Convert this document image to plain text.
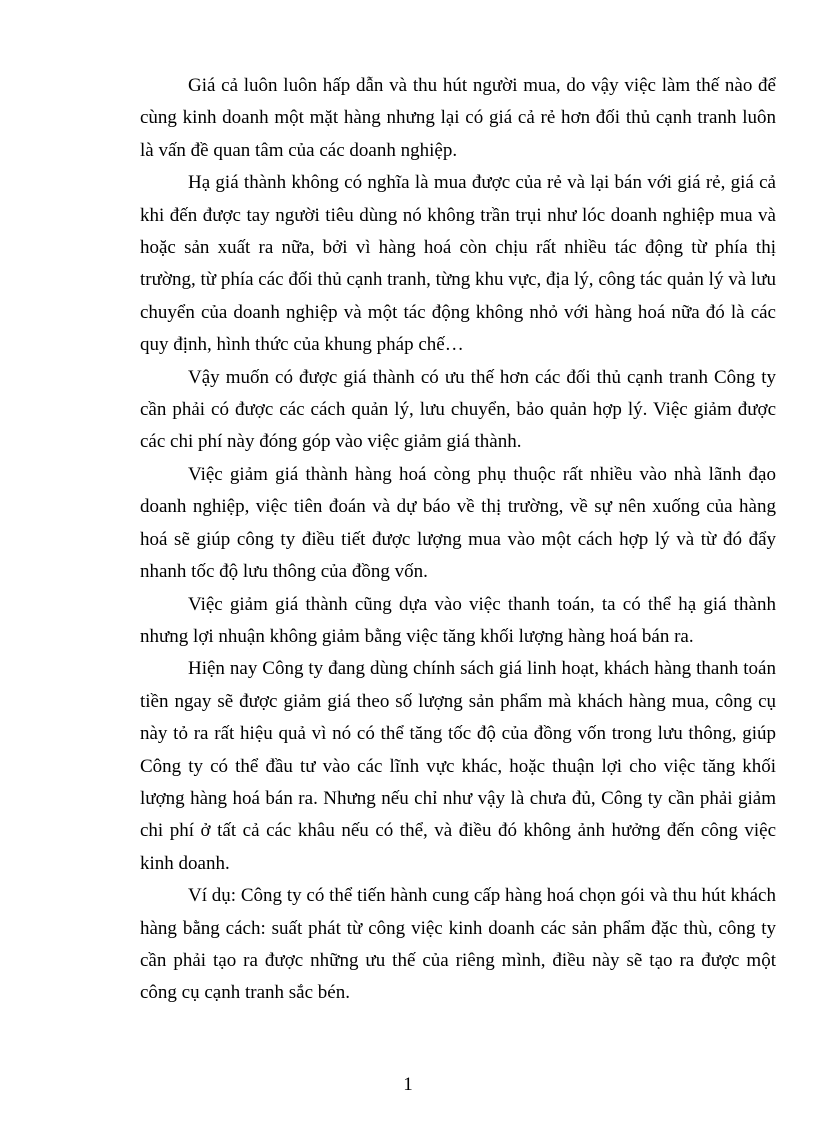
Giá cả luôn luôn hấp dẫn và thu hút người mua, do vậy việc làm thế nào để cùng kinh doanh một mặt hàng nhưng lại có giá cả rẻ hơn đối thủ cạnh tranh luôn là vấn đề quan tâm của các doanh nghiệp.

Hạ giá thành không có nghĩa là mua được của rẻ và lại bán với giá rẻ, giá cả khi đến được tay người tiêu dùng nó không trần trụi như lóc doanh nghiệp mua và hoặc sản xuất ra nữa, bởi vì hàng hoá còn chịu rất nhiều tác động từ phía thị trường, từ phía các đối thủ cạnh tranh, từng khu vực, địa lý, công tác quản lý và lưu chuyển của doanh nghiệp và một tác động không nhỏ với hàng hoá nữa đó là các quy định, hình thức của khung pháp chế…

Vậy muốn có được giá thành có ưu thế hơn các đối thủ cạnh tranh Công ty cần phải có được các cách quản lý, lưu chuyển, bảo quản hợp lý. Việc giảm được các chi phí này đóng góp vào việc giảm giá thành.

Việc giảm giá thành hàng hoá còng phụ thuộc rất nhiều vào nhà lãnh đạo doanh nghiệp, việc tiên đoán và dự báo về thị trường, về sự nên xuống của hàng hoá sẽ giúp công ty điều tiết được lượng mua vào một cách hợp lý và từ đó đẩy nhanh tốc độ lưu thông của đồng vốn.

Việc giảm giá thành cũng dựa vào việc thanh toán, ta có thể hạ giá thành nhưng lợi nhuận không giảm bằng việc tăng khối lượng hàng hoá bán ra.

Hiện nay Công ty đang dùng chính sách giá linh hoạt, khách hàng thanh toán tiền ngay sẽ được giảm giá theo số lượng sản phẩm mà khách hàng mua, công cụ này tỏ ra rất hiệu quả vì nó có thể tăng tốc độ của đồng vốn trong lưu thông, giúp Công ty có thể đầu tư vào các lĩnh vực khác, hoặc thuận lợi cho việc tăng khối lượng hàng hoá bán ra. Nhưng nếu chỉ như vậy là chưa đủ, Công ty cần phải giảm chi phí ở tất cả các khâu nếu có thể, và điều đó không ảnh hưởng đến công việc kinh doanh.

Ví dụ: Công ty có thể tiến hành cung cấp hàng hoá chọn gói và thu hút khách hàng bằng cách: suất phát từ công việc kinh doanh các sản phẩm đặc thù, công ty cần phải tạo ra được những ưu thế của riêng mình, điều này sẽ tạo ra được một công cụ cạnh tranh sắc bén.

1
